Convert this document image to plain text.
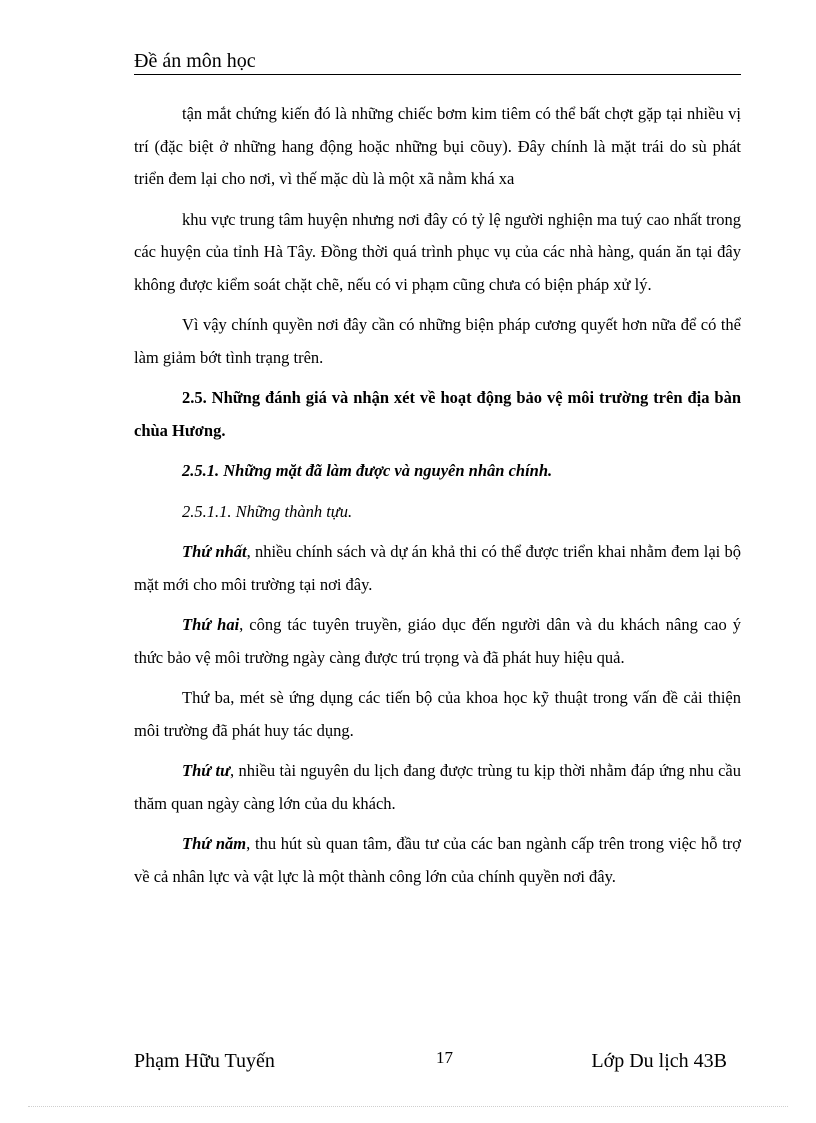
Đề án môn học

tận mắt chứng kiến đó là những chiếc bơm kim tiêm có thể bất chợt gặp tại nhiều vị trí (đặc biệt ở những hang động hoặc những bụi cõuy). Đây chính là mặt trái do sù phát triển đem lại cho nơi, vì thế mặc dù là một xã nằm khá xa

khu vực trung tâm huyện nhưng nơi đây có tỷ lệ người nghiện ma tuý cao nhất trong các huyện của tỉnh Hà Tây. Đồng thời quá trình phục vụ của các nhà hàng, quán ăn tại đây không được kiểm soát chặt chẽ, nếu có vi phạm cũng chưa có biện pháp xử lý.

Vì vậy chính quyền nơi đây cần có những biện pháp cương quyết hơn nữa để có thể làm giảm bớt tình trạng trên.

2.5. Những đánh giá và nhận xét về hoạt động bảo vệ môi trường trên địa bàn chùa Hương.

2.5.1. Những mặt đã làm được và nguyên nhân chính.

2.5.1.1. Những thành tựu.

Thứ nhất, nhiều chính sách và dự án khả thi có thể được triển khai nhằm đem lại bộ mặt mới cho môi trường tại nơi đây.

Thứ hai, công tác tuyên truyền, giáo dục đến người dân và du khách nâng cao ý thức bảo vệ môi trường ngày càng được trú trọng và đã phát huy hiệu quả.

Thứ ba, mét sè ứng dụng các tiến bộ của khoa học kỹ thuật trong vấn đề cải thiện môi trường đã phát huy tác dụng.

Thứ tư, nhiều tài nguyên du lịch đang được trùng tu kịp thời nhằm đáp ứng nhu cầu thăm quan ngày càng lớn của du khách.

Thứ năm, thu hút sù quan tâm, đầu tư của các ban ngành cấp trên trong việc hỗ trợ về cả nhân lực và vật lực là một thành công lớn của chính quyền nơi đây.

Phạm Hữu Tuyến	17	Lớp Du lịch 43B
